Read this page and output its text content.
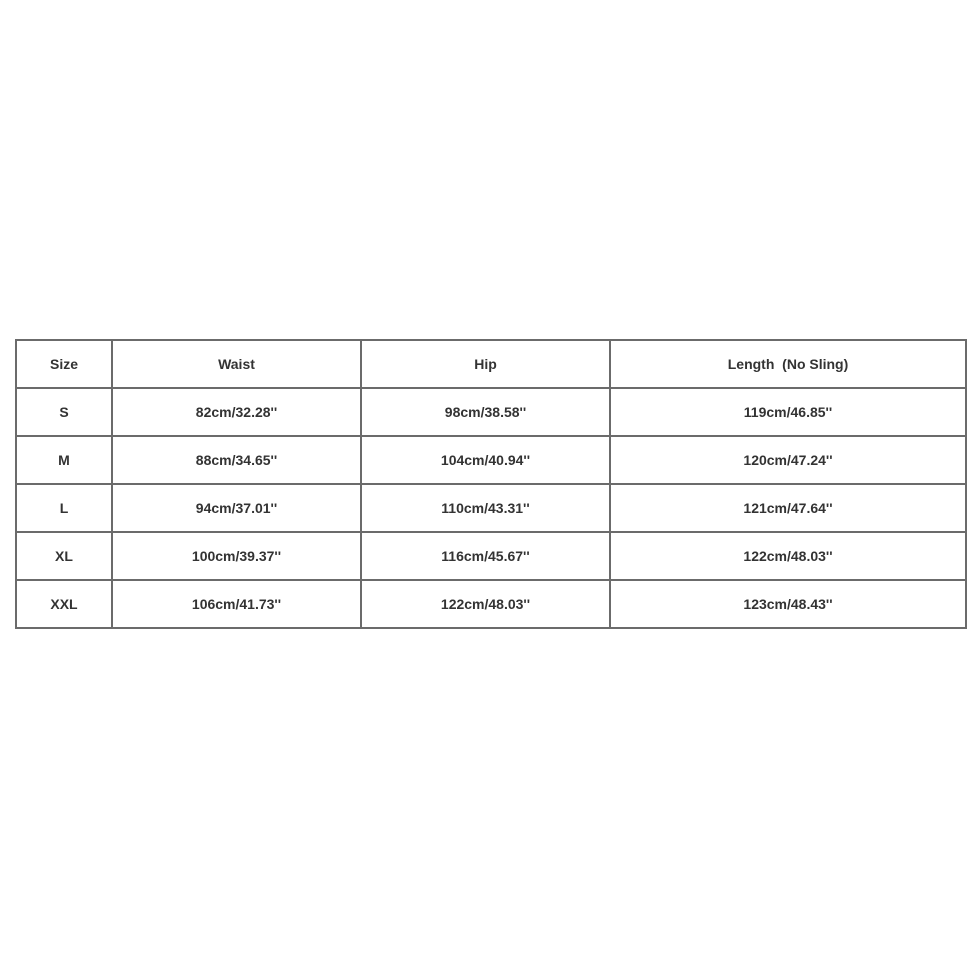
Size	Waist	Hip	Length  (No Sling)
S	82cm/32.28''	98cm/38.58''	119cm/46.85''
M	88cm/34.65''	104cm/40.94''	120cm/47.24''
L	94cm/37.01''	110cm/43.31''	121cm/47.64''
XL	100cm/39.37''	116cm/45.67''	122cm/48.03''
XXL	106cm/41.73''	122cm/48.03''	123cm/48.43''
